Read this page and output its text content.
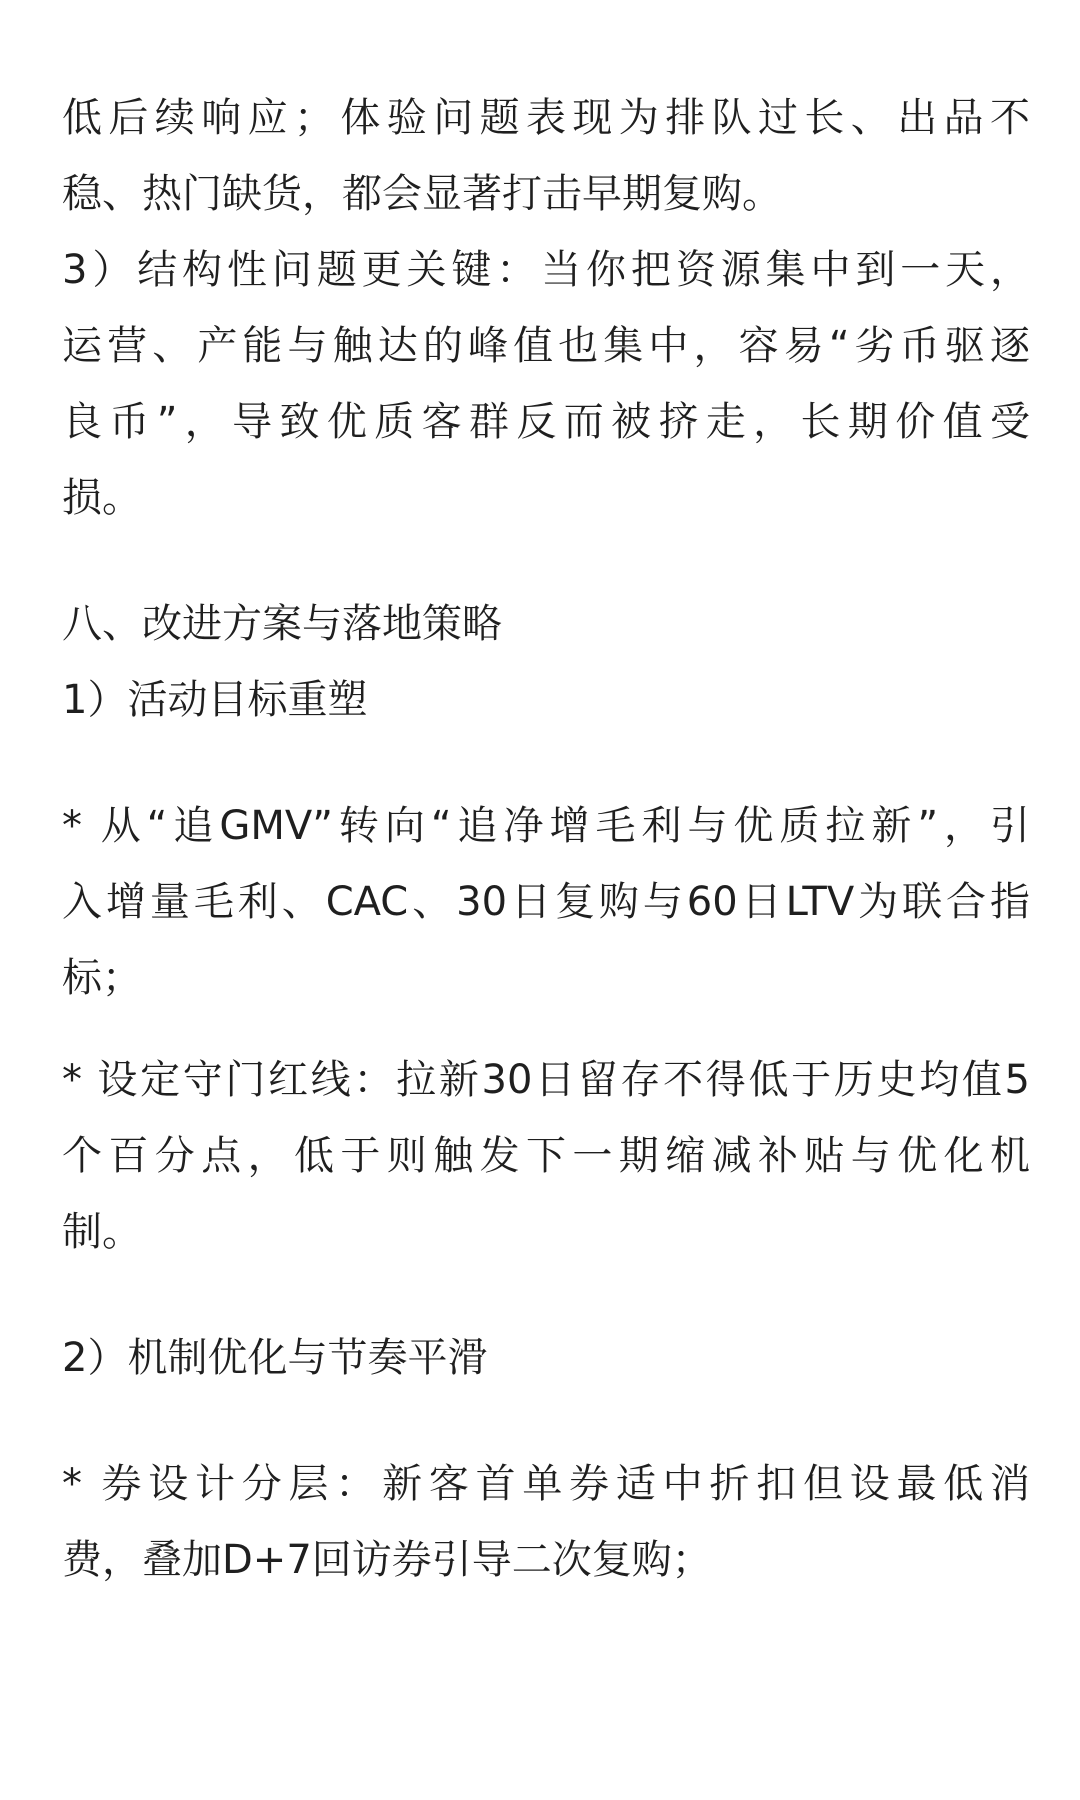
低后续响应；体验问题表现为排队过长、出品不
稳、热门缺货，都会显著打击早期复购。
3）结构性问题更关键：当你把资源集中到一天，
运营、产能与触达的峰值也集中，容易“劣币驱逐
良币”，导致优质客群反而被挤走，长期价值受
损。
八、改进方案与落地策略
1）活动目标重塑
* 从“追GMV”转向“追净增毛利与优质拉新”，引
入增量毛利、CAC、30日复购与60日LTV为联合指
标；
* 设定守门红线：拉新30日留存不得低于历史均值5
个百分点，低于则触发下一期缩减补贴与优化机
制。
2）机制优化与节奏平滑
* 券设计分层：新客首单券适中折扣但设最低消
费，叠加D+7回访券引导二次复购；
